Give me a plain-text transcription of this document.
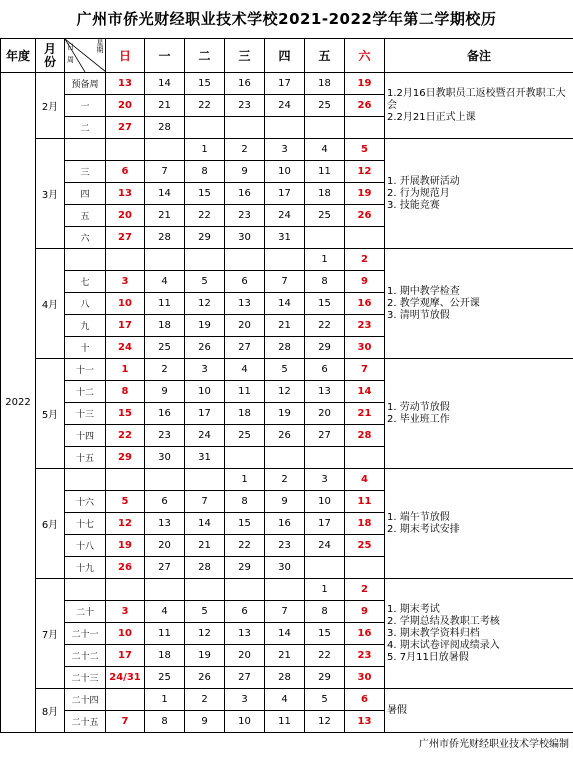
广州市侨光财经职业技术学校2021-2022学年第二学期校历
年度	月份	周
日 星期	日	一	二	三	四	五	六	备注
2022	2月	预备周	13	14	15	16	17	18	19	1.2月16日教职员工返校暨召开教职工大会
2.2月21日正式上课

		一	20	21	22	23	24	25	26	
		二	27	28						
	3月				1	2	3	4	5	1. 开展教研活动
2. 行为规范月
3. 技能竞赛

		三	6	7	8	9	10	11	12	
		四	13	14	15	16	17	18	19	
		五	20	21	22	23	24	25	26	
		六	27	28	29	30	31			
	4月							1	2	1. 期中教学检查
2. 教学观摩、公开课
3. 清明节放假

		七	3	4	5	6	7	8	9	
		八	10	11	12	13	14	15	16	
		九	17	18	19	20	21	22	23	
		十	24	25	26	27	28	29	30	
	5月	十一	1	2	3	4	5	6	7	1. 劳动节放假
2. 毕业班工作

		十二	8	9	10	11	12	13	14	
		十三	15	16	17	18	19	20	21	
		十四	22	23	24	25	26	27	28	
		十五	29	30	31					
	6月					1	2	3	4	1. 端午节放假
2. 期末考试安排

		十六	5	6	7	8	9	10	11	
		十七	12	13	14	15	16	17	18	
		十八	19	20	21	22	23	24	25	
		十九	26	27	28	29	30			
	7月							1	2	1. 期末考试
2. 学期总结及教职工考核
3. 期末教学资料归档
4. 期末试卷评阅成绩录入
5. 7月11日放暑假

		二十	3	4	5	6	7	8	9	
		二十一	10	11	12	13	14	15	16	
		二十二	17	18	19	20	21	22	23	
		二十三	24/31	25	26	27	28	29	30	
	8月	二十四		1	2	3	4	5	6	暑假

		二十五	7	8	9	10	11	12	13	
广州市侨光财经职业技术学校编制
